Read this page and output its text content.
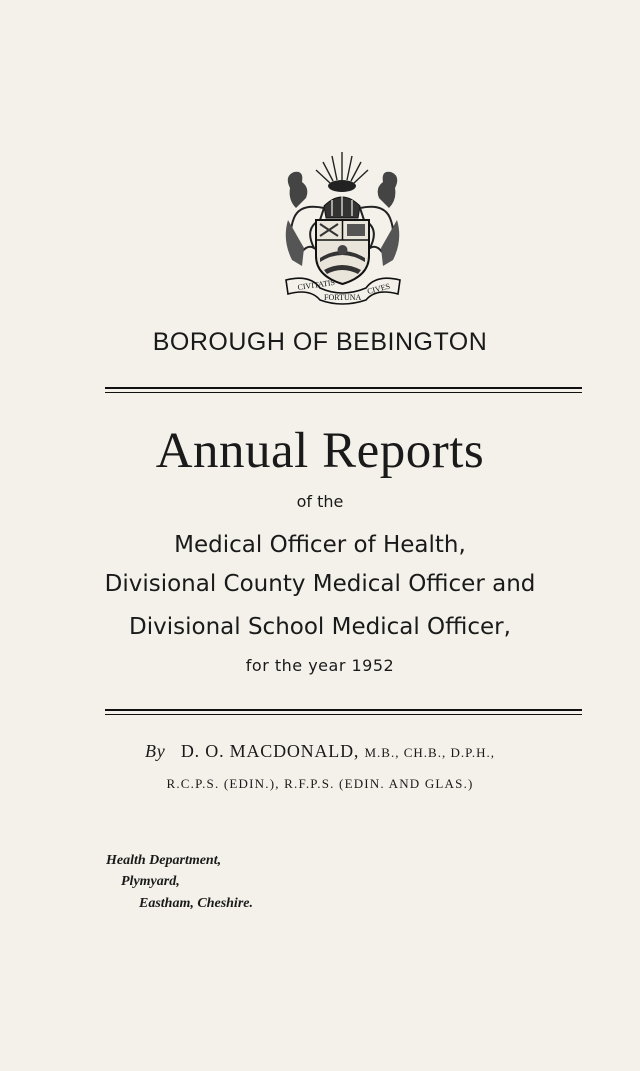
CIVITATIS
FORTUNA
CIVES
BOROUGH OF BEBINGTON
Annual Reports
of the
Medical Officer of Health,
Divisional County Medical Officer and
Divisional School Medical Officer,
for the year 1952
By D. O. MACDONALD, M.B., CH.B., D.P.H.,
R.C.P.S. (EDIN.), R.F.P.S. (EDIN. AND GLAS.)
Health Department,
Plymyard,
Eastham, Cheshire.
